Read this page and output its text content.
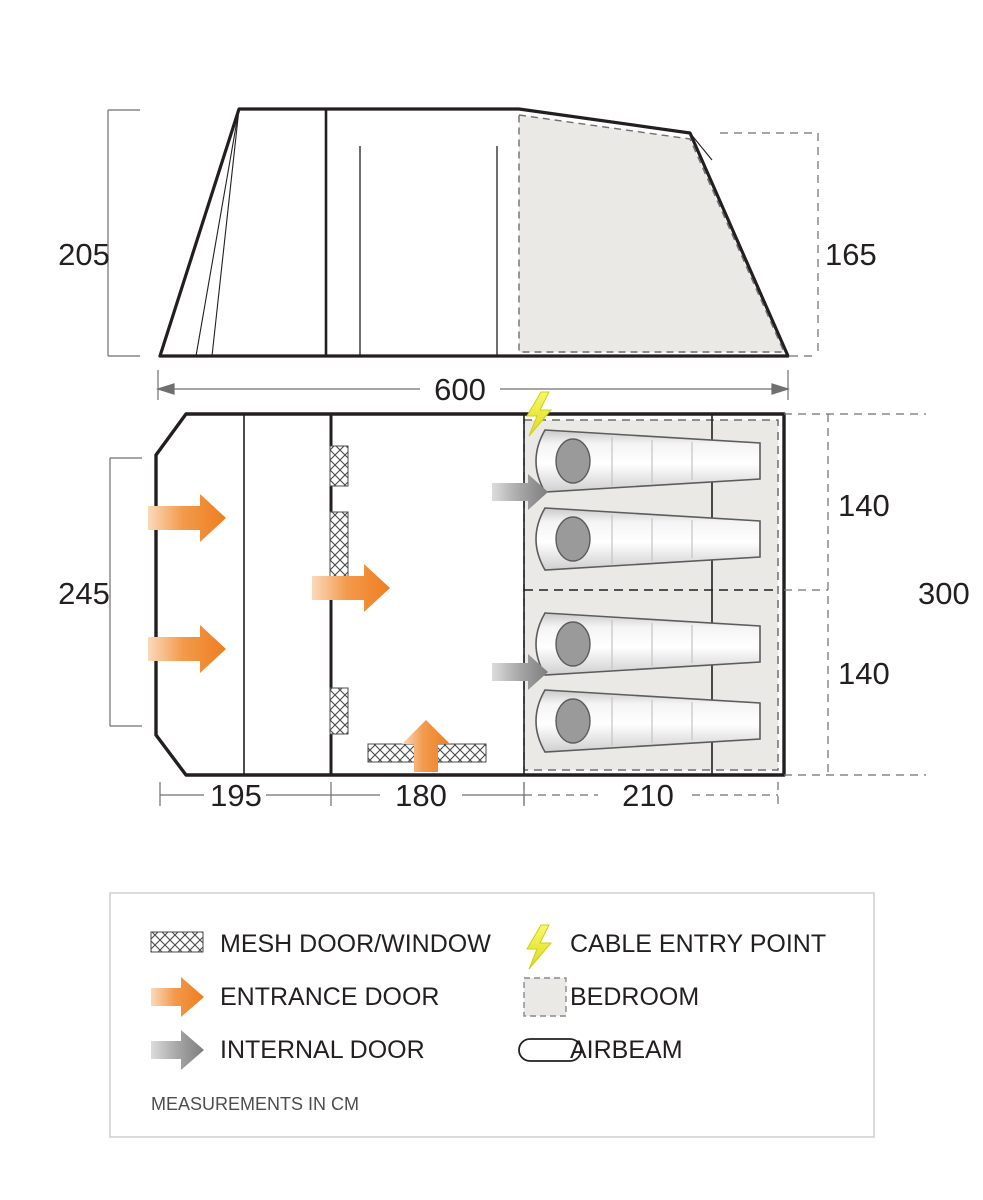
205	165
600
245
140
140
300
195	180	210
MESH DOOR/WINDOW	CABLE ENTRY POINT
ENTRANCE DOOR	BEDROOM
INTERNAL DOOR	AIRBEAM
MEASUREMENTS IN CM
